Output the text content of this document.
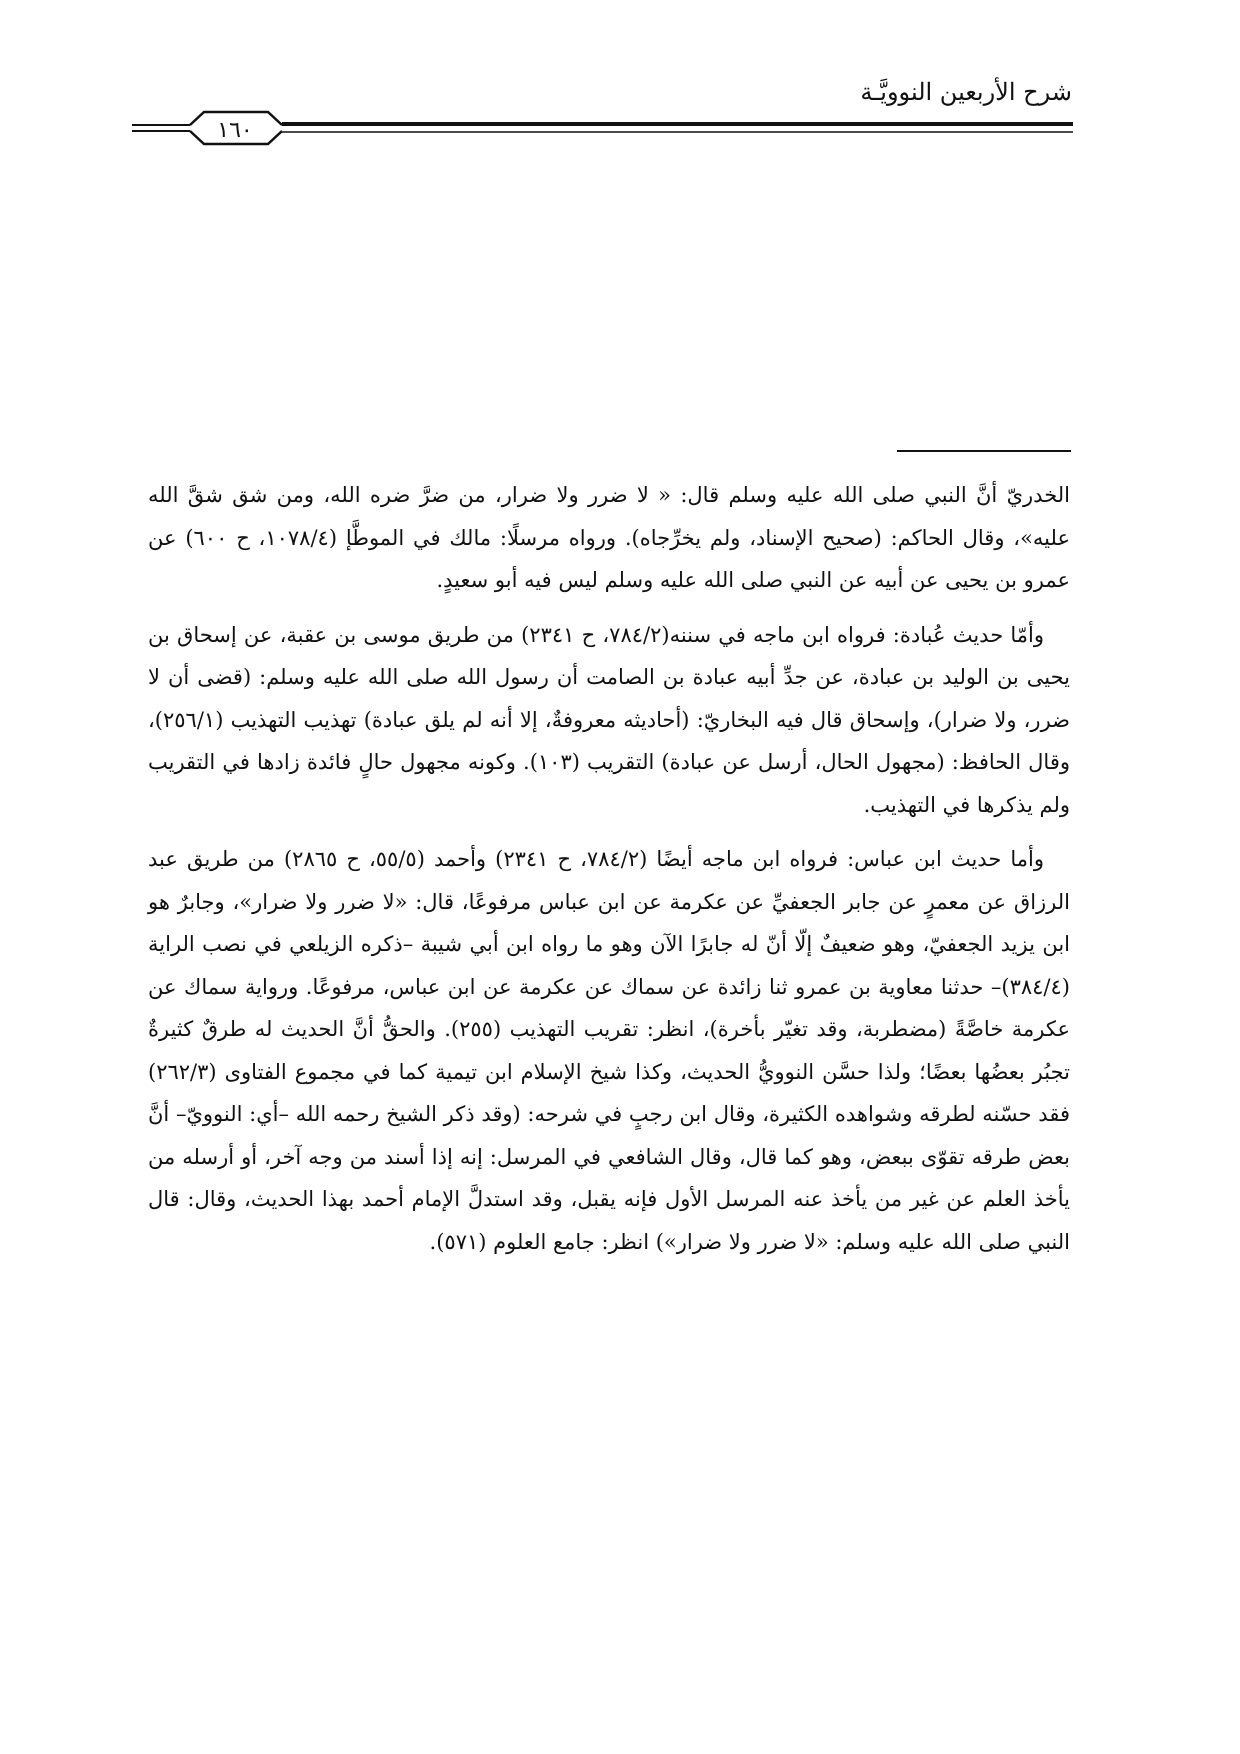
شرح الأربعين النوويَّـة
١٦٠

الخدريّ أنَّ النبي صلى الله عليه وسلم قال: « لا ضرر ولا ضرار، من ضرَّ ضره الله، ومن شق شقَّ الله عليه»، وقال الحاكم: (صحيح الإسناد، ولم يخرِّجاه). ورواه مرسلًا: مالك في الموطَّإ (١٠٧٨/٤، ح ٦٠٠) عن عمرو بن يحيى عن أبيه عن النبي صلى الله عليه وسلم ليس فيه أبو سعيدٍ.

وأمّا حديث عُبادة: فرواه ابن ماجه في سننه(٧٨٤/٢، ح ٢٣٤١) من طريق موسى بن عقبة، عن إسحاق بن يحيى بن الوليد بن عبادة، عن جدِّ أبيه عبادة بن الصامت أن رسول الله صلى الله عليه وسلم: (قضى أن لا ضرر، ولا ضرار)، وإسحاق قال فيه البخاريّ: (أحاديثه معروفةٌ، إلا أنه لم يلق عبادة) تهذيب التهذيب (٢٥٦/١)، وقال الحافظ: (مجهول الحال، أرسل عن عبادة) التقريب (١٠٣). وكونه مجهول حالٍ فائدة زادها في التقريب ولم يذكرها في التهذيب.

وأما حديث ابن عباس: فرواه ابن ماجه أيضًا (٧٨٤/٢، ح ٢٣٤١) وأحمد (٥٥/٥، ح ٢٨٦٥) من طريق عبد الرزاق عن معمرٍ عن جابر الجعفيِّ عن عكرمة عن ابن عباس مرفوعًا، قال: «لا ضرر ولا ضرار»، وجابرٌ هو ابن يزيد الجعفيّ، وهو ضعيفٌ إلّا أنّ له جابرًا الآن وهو ما رواه ابن أبي شيبة –ذكره الزيلعي في نصب الراية (٣٨٤/٤)– حدثنا معاوية بن عمرو ثنا زائدة عن سماك عن عكرمة عن ابن عباس، مرفوعًا. ورواية سماك عن عكرمة خاصَّةً (مضطربة، وقد تغيّر بأخرة)، انظر: تقريب التهذيب (٢٥٥). والحقُّ أنَّ الحديث له طرقٌ كثيرةٌ تجبُر بعضُها بعضًا؛ ولذا حسَّن النوويُّ الحديث، وكذا شيخ الإسلام ابن تيمية كما في مجموع الفتاوى (٢٦٢/٣) فقد حسّنه لطرقه وشواهده الكثيرة، وقال ابن رجبٍ في شرحه: (وقد ذكر الشيخ رحمه الله –أي: النوويّ– أنَّ بعض طرقه تقوّى ببعض، وهو كما قال، وقال الشافعي في المرسل: إنه إذا أسند من وجه آخر، أو أرسله من يأخذ العلم عن غير من يأخذ عنه المرسل الأول فإنه يقبل، وقد استدلَّ الإمام أحمد بهذا الحديث، وقال: قال النبي صلى الله عليه وسلم: «لا ضرر ولا ضرار») انظر: جامع العلوم (٥٧١).
